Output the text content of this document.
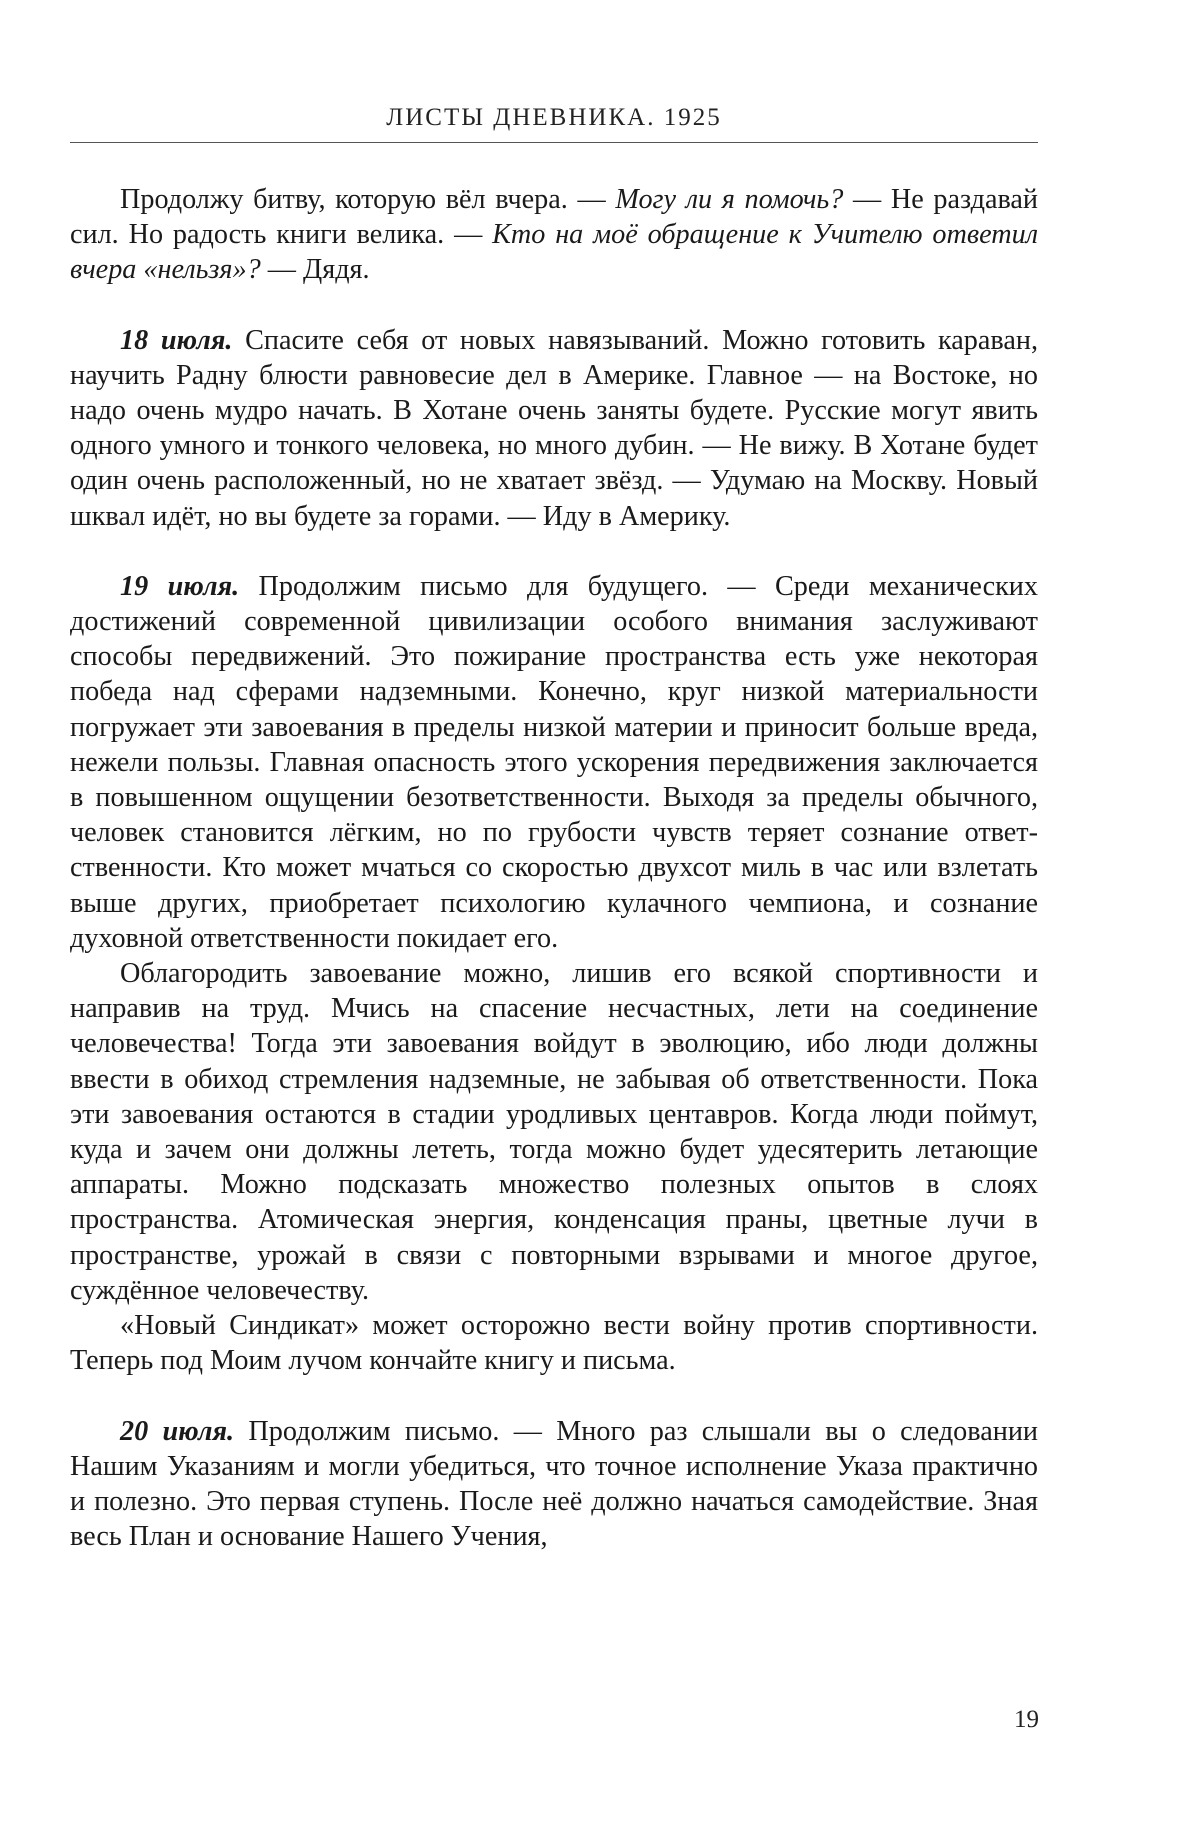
ЛИСТЫ ДНЕВНИКА. 1925

Продолжу битву, которую вёл вчера. — Могу ли я помочь? — Не раздавай сил. Но радость книги велика. — Кто на моё обращение к Учителю ответил вчера «нельзя»? — Дядя.

18 июля. Спасите себя от новых навязываний. Можно готовить караван, научить Радну блюсти равновесие дел в Америке. Главное — на Востоке, но надо очень мудро начать. В Хотане очень заняты будете. Русские могут явить одного умного и тонкого человека, но много дубин. — Не вижу. В Хотане будет один очень расположенный, но не хватает звёзд. — Удумаю на Москву. Новый шквал идёт, но вы будете за горами. — Иду в Америку.

19 июля. Продолжим письмо для будущего. — Среди механических достижений современной цивилизации особого внимания заслуживают способы передвижений. Это пожирание пространства есть уже некоторая победа над сферами надземными. Конечно, круг низкой материальности погружает эти завоевания в пределы низкой материи и приносит больше вреда, нежели пользы. Главная опасность этого ускорения передвижения заключается в повышенном ощущении безответственности. Выходя за пределы обычного, человек становится лёгким, но по грубости чувств теряет сознание ответственности. Кто может мчаться со скоростью двухсот миль в час или взлетать выше других, приобретает психологию кулачного чемпиона, и сознание духовной ответственности покидает его.

Облагородить завоевание можно, лишив его всякой спортивности и направив на труд. Мчись на спасение несчастных, лети на соединение человечества! Тогда эти завоевания войдут в эволюцию, ибо люди должны ввести в обиход стремления надземные, не забывая об ответственности. Пока эти завоевания остаются в стадии уродливых центавров. Когда люди поймут, куда и зачем они должны лететь, тогда можно будет удесятерить летающие аппараты. Можно подсказать множество полезных опытов в слоях пространства. Атомическая энергия, конденсация праны, цветные лучи в пространстве, урожай в связи с повторными взрывами и многое другое, суждённое человечеству.

«Новый Синдикат» может осторожно вести войну против спортивности. Теперь под Моим лучом кончайте книгу и письма.

20 июля. Продолжим письмо. — Много раз слышали вы о следовании Нашим Указаниям и могли убедиться, что точное исполнение Указа практично и полезно. Это первая ступень. После неё должно начаться самодействие. Зная весь План и основание Нашего Учения,

19
